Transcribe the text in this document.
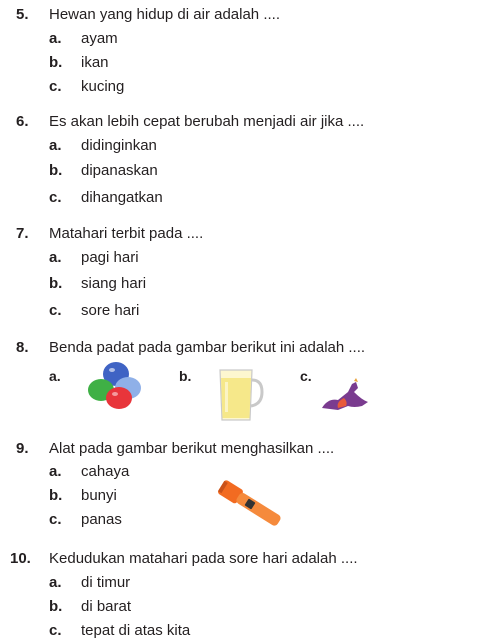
5. Hewan yang hidup di air adalah ....
a. ayam
b. ikan
c. kucing
6. Es akan lebih cepat berubah menjadi air jika ....
a. didinginkan
b. dipanaskan
c. dihangatkan
7. Matahari terbit pada ....
a. pagi hari
b. siang hari
c. sore hari
8. Benda padat pada gambar berikut ini adalah ....
a.	b.	c.
9. Alat pada gambar berikut menghasilkan ....
a. cahaya
b. bunyi
c. panas
10. Kedudukan matahari pada sore hari adalah ....
a. di timur
b. di barat
c. tepat di atas kita
